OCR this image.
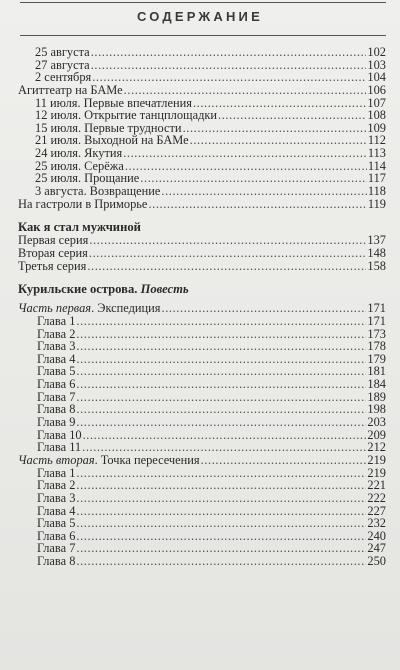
СОДЕРЖАНИЕ
25 августа .....	102
27 августа .....	103
2 сентября .....	104
Агиттеатр на БАМе .....	106
11 июля. Первые впечатления .....	107
12 июля. Открытие танцплощадки .....	108
15 июля. Первые трудности .....	109
21 июля. Выходной на БАМе .....	112
24 июля. Якутия .....	113
25 июля. Серёжа .....	114
25 июля. Прощание .....	117
3 августа. Возвращение .....	118
На гастроли в Приморье .....	119
Как я стал мужчиной
Первая серия .....	137
Вторая серия .....	148
Третья серия .....	158
Курильские острова. Повесть
Часть первая. Экспедиция .....	171
Глава 1 .....	171
Глава 2 .....	173
Глава 3 .....	178
Глава 4 .....	179
Глава 5 .....	181
Глава 6 .....	184
Глава 7 .....	189
Глава 8 .....	198
Глава 9 .....	203
Глава 10 .....	209
Глава 11 .....	212
Часть вторая. Точка пересечения .....	219
Глава 1 .....	219
Глава 2 .....	221
Глава 3 .....	222
Глава 4 .....	227
Глава 5 .....	232
Глава 6 .....	240
Глава 7 .....	247
Глава 8 .....	250
